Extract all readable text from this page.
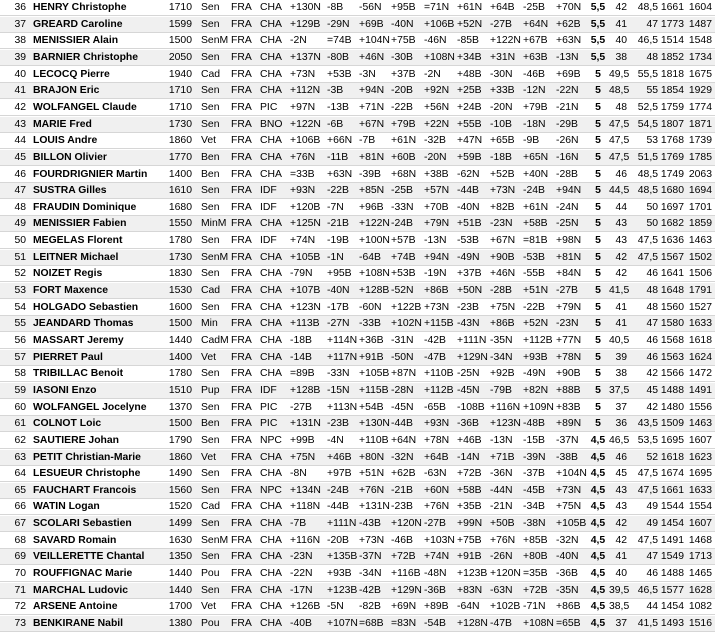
36 HENRY Christophe	1710 Sen FRA CHA +130N -8B -56N +95B =71N +61N +64B -25B +70N 5,5 42	48,5 1661 1604
37 GREARD Caroline	1599 Sen FRA CHA +129B -29N +69B -40N +106B +52N -27B +64N +62B 5,5 41	47 1773 1487
38 MENISSIER Alain	1500 SenM FRA CHA -2N =74B +104N +75B -46N -85B +122N +67B +63N 5,5 40	46,5 1514 1548
39 BARNIER Christophe	2050 Sen FRA CHA +137N -80B +46N -30B +108N +34B +31N +63B -13N	5,5 38	48 1852 1734
40 LECOCQ Pierre	1940 Cad FRA CHA +73N +53B -3N +37B -2N +48B -30N -46B +69B	5 49,5 55,5 1818 1675
41 BRAJON Eric	1710 Sen FRA CHA +112N -3B +94N -20B +92N +25B +33B -12N -22N	5 48,5	55 1854 1929
42 WOLFANGEL Claude	1710 Sen FRA PIC +97N -13B +71N -22B +56N +24B -20N +79B -21N	5	48	52,5 1759 1774
43 MARIE Fred	1730 Sen FRA BNO +122N -6B +67N +79B +22N +55B -10B -18N -29B	5 47,5 54,5 1807 1871
44 LOUIS Andre	1860 Vet FRA CHA +106B +66N -7B +61N -32B +47N +65B -9B -26N	5 47,5	53 1768 1739
45 BILLON Olivier	1770 Ben FRA CHA +76N -11B +81N +60B -20N +59B -18B +65N -16N	5 47,5 51,5 1769 1785
46 FOURDRIGNIER Martin 1400 Ben FRA CHA =33B +63N -39B +68N +38B -62N +52B +40N -28B	5	46	48,5 1749 2063
47 SUSTRA Gilles	1610 Sen FRA IDF +93N -22B +85N -25B +57N -44B +73N -24B +94N	5 44,5 48,5 1680 1694
48 FRAUDIN Dominique	1680 Sen FRA IDF +120B -7N +96B -33N +70B -40N +82B +61N -24N	5	44	50 1697 1701
49 MENISSIER Fabien	1550 MinM FRA CHA +125N -21B +122N -24B +79N +51B -23N +58B -25N	5	43	50 1682 1859
50 MEGELAS Florent	1780 Sen FRA IDF +74N -19B +100N +57B -13N -53B +67N =81B +98N	5	43	47,5 1636 1463
51 LEITNER Michael	1730 SenM FRA CHA +105B -1N -64B +74B +94N -49N +90B -53B +81N	5	42	47,5 1567 1502
52 NOIZET Regis	1830 Sen FRA CHA -79N +95B +108N +53B -19N +37B +46N -55B +84N	5	42	46 1641 1506
53 FORT Maxence	1530 Cad FRA CHA +107B -40N +128B -52N +86B +50N -28B +51N -27B	5 41,5	48 1648 1791
54 HOLGADO Sebastien	1600 Sen FRA CHA +123N -17B -60N +122B +73N -23B +75N -22B +79N	5	41	48 1560 1527
55 JEANDARD Thomas	1500 Min FRA CHA +113B -27N -33B +102N +115B -43N +86B +52N -23N	5	41	47 1580 1633
56 MASSART Jeremy	1440 CadM FRA CHA -18B +114N +36B -31N -42B +111N -35N +112B +77N	5 40,5	46 1568 1618
57 PIERRET Paul	1400 Vet FRA CHA -14B +117N +91B -50N -47B +129N -34N +93B +78N	5	39	46 1563 1624
58 TRIBILLAC Benoit	1780 Sen FRA CHA =89B -33N +105B +87N +110B -25N +92B -49N +90B	5	38	42 1566 1472
59 IASONI Enzo	1510 Pup FRA IDF +128B -15N +115B -28N +112B -45N -79B +82N +88B	5 37,5	45 1488 1491
60 WOLFANGEL Jocelyne 1370 Sen FRA PIC -27B +113N +54B -45N -65B -108B +116N +109N +83B	5	37	42 1480 1556
61 COLNOT Loic	1500 Ben FRA PIC +131N -23B +130N -44B +93N -36B +123N -48B +89N	5	36	43,5 1509 1463
62 SAUTIERE Johan	1790 Sen FRA NPC +99B -4N +110B +64N +78N +46B -13N -15B -37N	4,5 46,5 53,5 1695 1607
63 PETIT Christian-Marie	1860 Vet FRA CHA +75N +46B +80N -32N +64B -14N +71B -39N -38B	4,5 46	52 1618 1623
64 LESUEUR Christophe	1490 Sen FRA CHA -8N +97B +51N +62B -63N +72B -36N -37B +104N 4,5 45	47,5 1674 1695
65 FAUCHART Francois	1560 Sen FRA NPC +134N -24B +76N -21B +60N +58B -44N -45B +73N 4,5 43	47,5 1661 1633
66 WATIN Logan	1520 Cad FRA CHA +118N -44B +131N -23B +76N +35B -21N -34B +75N 4,5 43	49 1544 1554
67 SCOLARI Sebastien	1499 Sen FRA CHA -7B +111N -43B +120N -27B +99N +50B -38N +105B 4,5 42	49 1454 1607
68 SAVARD Romain	1630 SenM FRA CHA +116N -20B +73N -46B +103N +75B +76N +85B -32N	4,5 42	47,5 1491 1468
69 VEILLERETTE Chantal 1350 Sen FRA CHA -23N +135B -37N +72B +74N +91B -26N +80B -40N	4,5 41	47 1549 1713
70 ROUFFIGNAC Marie	1440 Pou FRA CHA -22N +93B -34N +116B -48N +123B +120N =35B -36B	4,5 40	46 1488 1465
71 MARCHAL Ludovic	1440 Sen FRA CHA -17N +123B -42B +129N -36B +83N -63N +72B -35N	4,5 39,5 46,5 1577 1628
72 ARSENE Antoine	1700 Vet FRA CHA +126B -5N -82B +69N +89B -64N +102B -71N +86B 4,5 38,5	44 1454 1082
73 BENKIRANE Nabil	1380 Pou FRA CHA -40B +107N =68B =83N -54B +128N -47B +108N =65B 4,5 37	41,5 1493 1516
